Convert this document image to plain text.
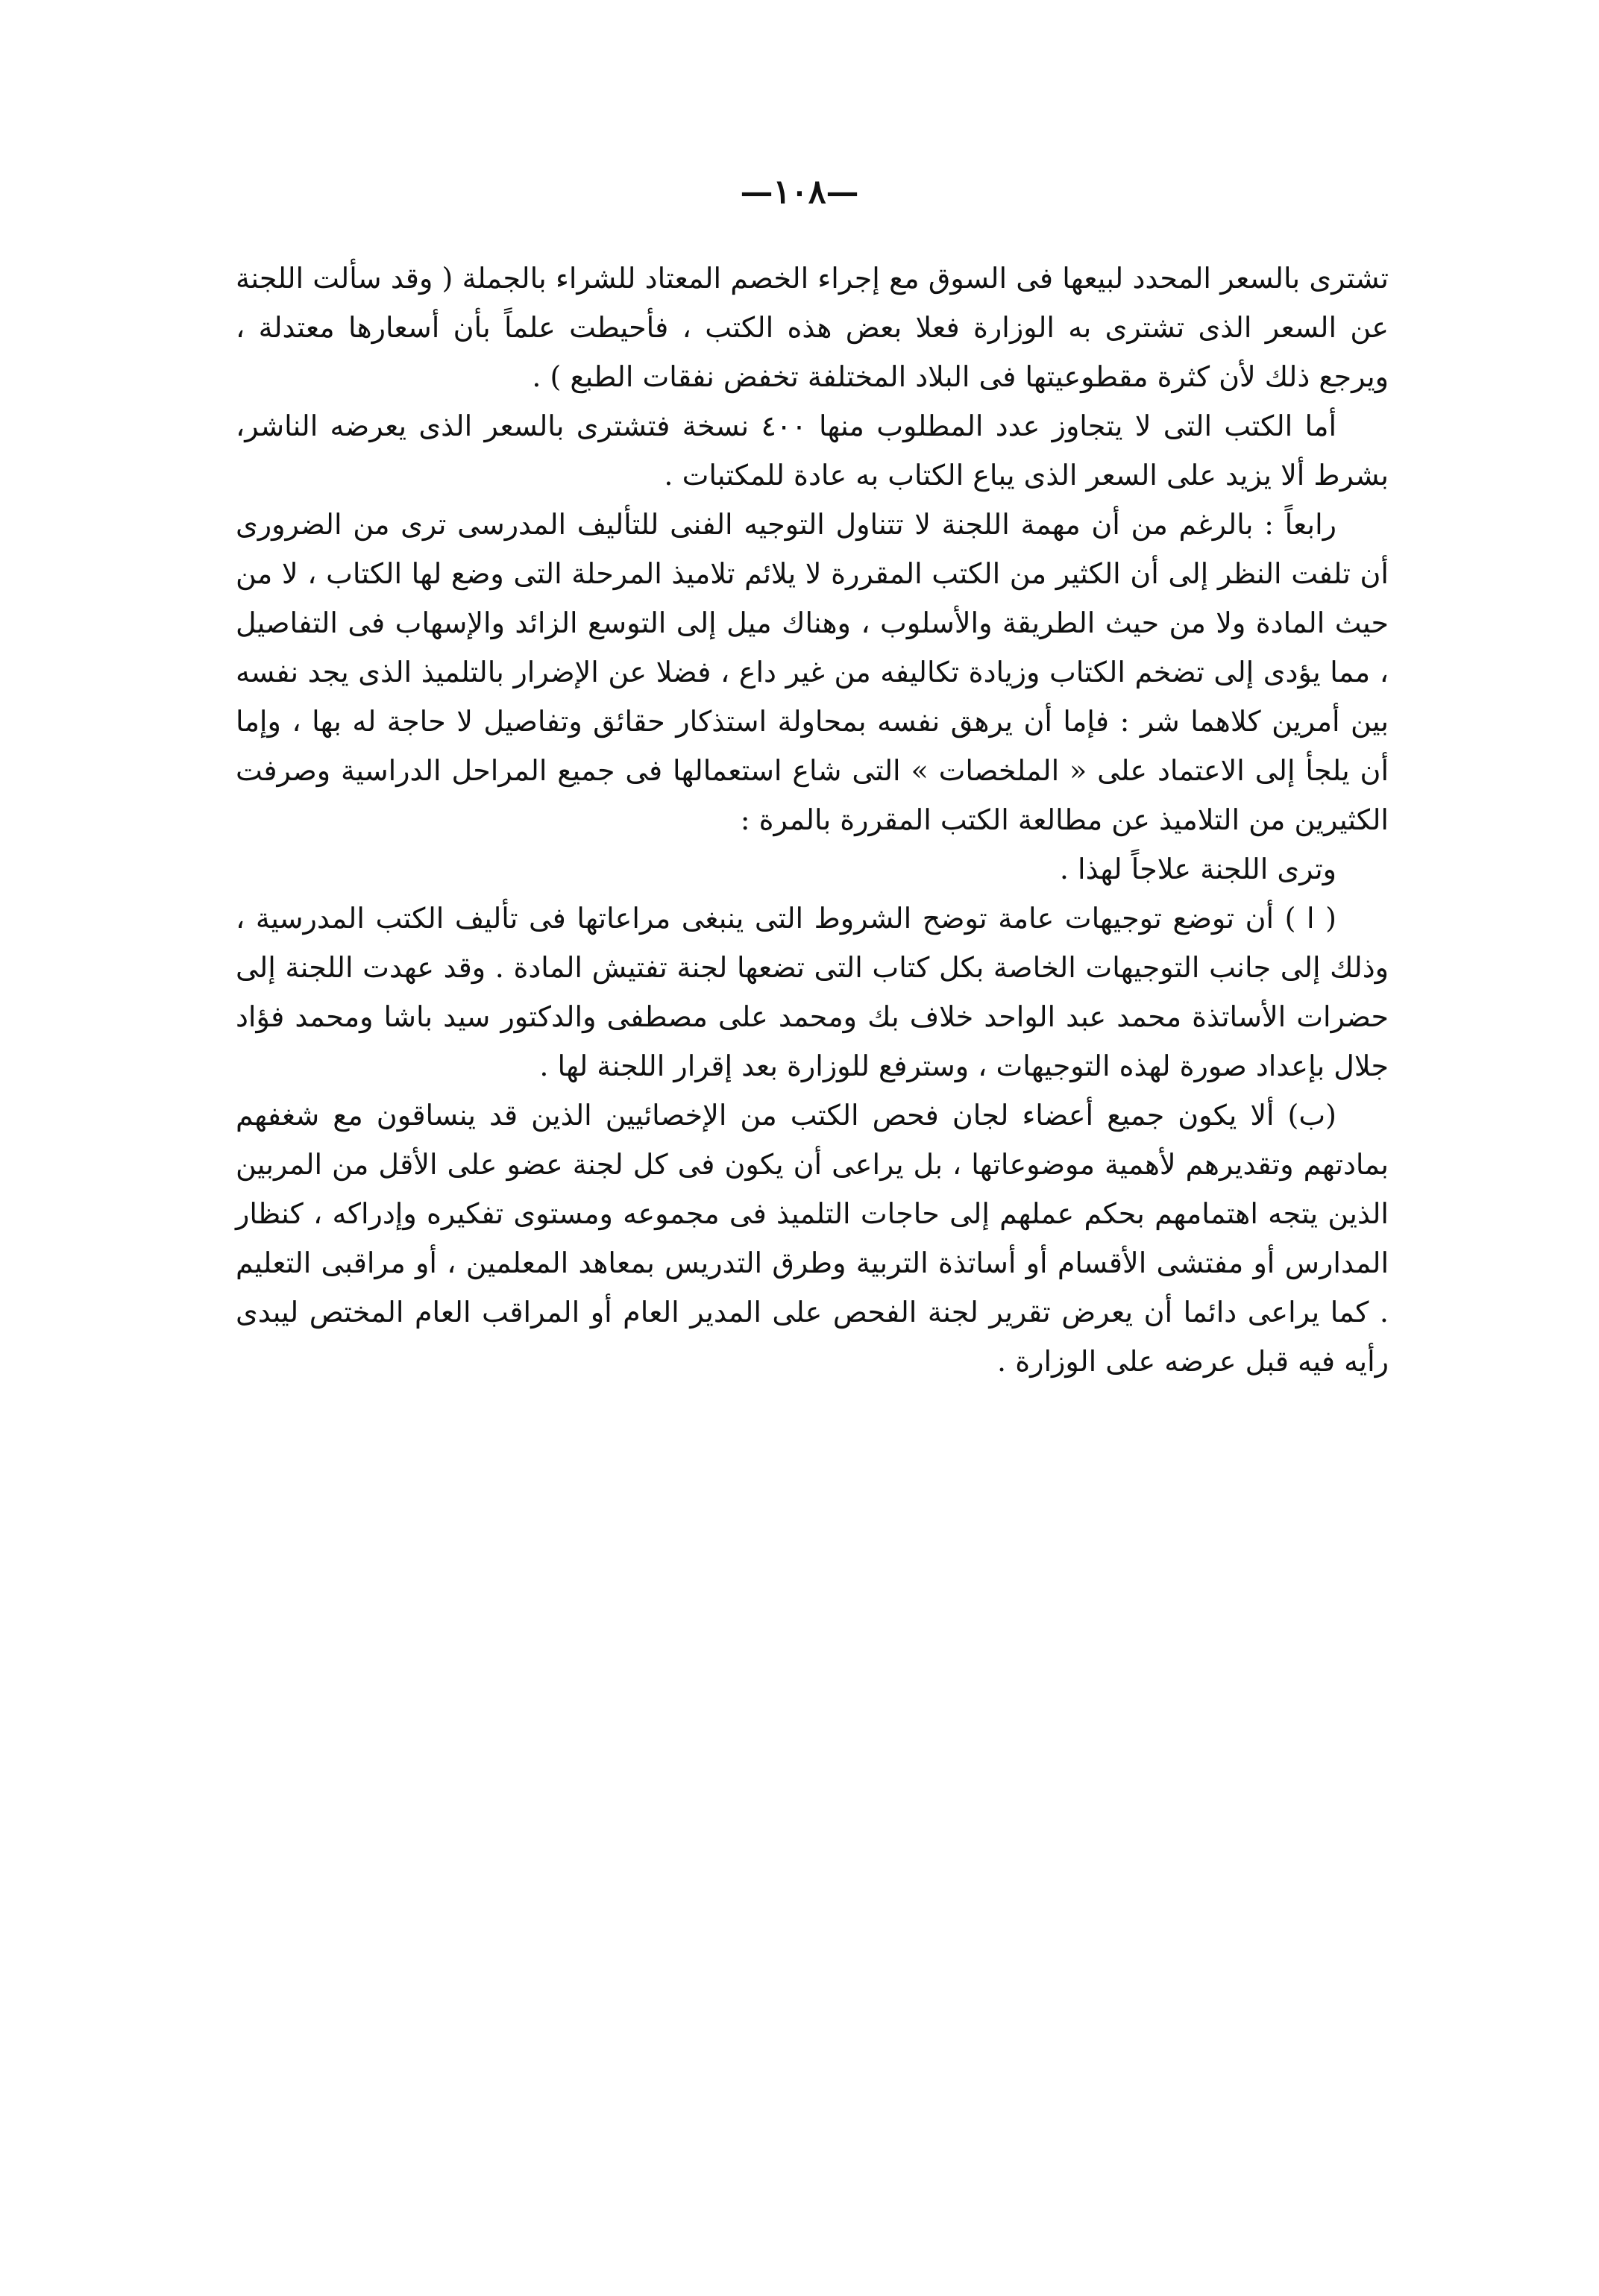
—١٠٨—

تشترى بالسعر المحدد لبيعها فى السوق مع إجراء الخصم المعتاد للشراء بالجملة ( وقد سألت اللجنة عن السعر الذى تشترى به الوزارة فعلا بعض هذه الكتب ، فأحيطت علماً بأن أسعارها معتدلة ، ويرجع ذلك لأن كثرة مقطوعيتها فى البلاد المختلفة تخفض نفقات الطبع ) .

أما الكتب التى لا يتجاوز عدد المطلوب منها ٤٠٠ نسخة فتشترى بالسعر الذى يعرضه الناشر، بشرط ألا يزيد على السعر الذى يباع الكتاب به عادة للمكتبات .

رابعاً : بالرغم من أن مهمة اللجنة لا تتناول التوجيه الفنى للتأليف المدرسى ترى من الضرورى أن تلفت النظر إلى أن الكثير من الكتب المقررة لا يلائم تلاميذ المرحلة التى وضع لها الكتاب ، لا من حيث المادة ولا من حيث الطريقة والأسلوب ، وهناك ميل إلى التوسع الزائد والإسهاب فى التفاصيل ، مما يؤدى إلى تضخم الكتاب وزيادة تكاليفه من غير داع ، فضلا عن الإضرار بالتلميذ الذى يجد نفسه بين أمرين كلاهما شر : فإما أن يرهق نفسه بمحاولة استذكار حقائق وتفاصيل لا حاجة له بها ، وإما أن يلجأ إلى الاعتماد على « الملخصات » التى شاع استعمالها فى جميع المراحل الدراسية وصرفت الكثيرين من التلاميذ عن مطالعة الكتب المقررة بالمرة :

وترى اللجنة علاجاً لهذا .

( ا ) أن توضع توجيهات عامة توضح الشروط التى ينبغى مراعاتها فى تأليف الكتب المدرسية ، وذلك إلى جانب التوجيهات الخاصة بكل كتاب التى تضعها لجنة تفتيش المادة . وقد عهدت اللجنة إلى حضرات الأساتذة محمد عبد الواحد خلاف بك ومحمد على مصطفى والدكتور سيد باشا ومحمد فؤاد جلال بإعداد صورة لهذه التوجيهات ، وسترفع للوزارة بعد إقرار اللجنة لها .

(ب) ألا يكون جميع أعضاء لجان فحص الكتب من الإخصائيين الذين قد ينساقون مع شغفهم بمادتهم وتقديرهم لأهمية موضوعاتها ، بل يراعى أن يكون فى كل لجنة عضو على الأقل من المربين الذين يتجه اهتمامهم بحكم عملهم إلى حاجات التلميذ فى مجموعه ومستوى تفكيره وإدراكه ، كنظار المدارس أو مفتشى الأقسام أو أساتذة التربية وطرق التدريس بمعاهد المعلمين ، أو مراقبى التعليم . كما يراعى دائما أن يعرض تقرير لجنة الفحص على المدير العام أو المراقب العام المختص ليبدى رأيه فيه قبل عرضه على الوزارة .
